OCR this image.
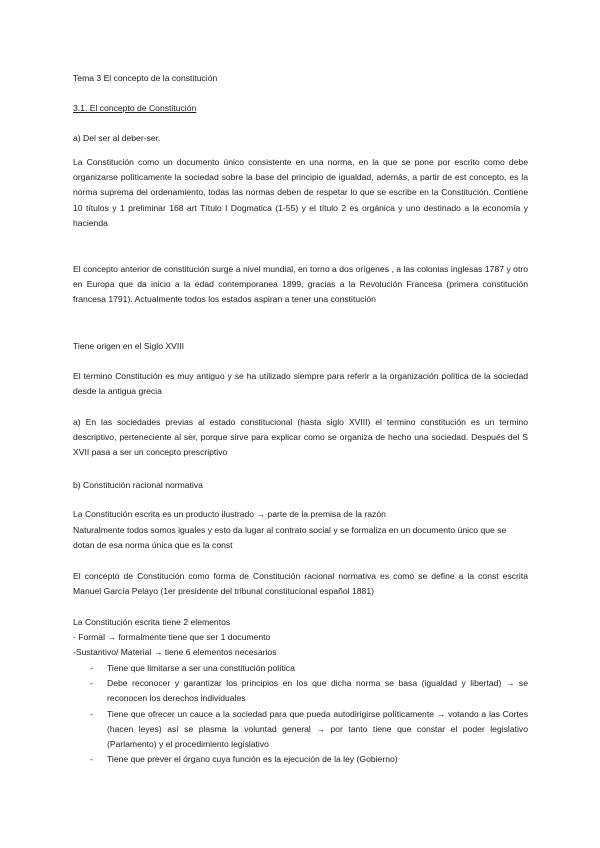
Tema 3 El concepto de la constitución

3.1. El concepto de Constitución

a) Del ser al deber-ser.

La Constitución como un documento único consistente en una norma, en la que se pone por escrito como debe organizarse políticamente la sociedad sobre la base del principio de igualdad, además, a partir de est concepto, es la norma suprema del ordenamiento, todas las normas deben de respetar lo que se escribe en la Constitución. Contiene 10 títulos y 1 preliminar 168 art Título I Dogmatica (1-55) y el título 2 es orgánica y uno destinado a la economía y hacienda

El concepto anterior de constitución surge a nivel mundial, en torno a dos orígenes , a las colonias inglesas 1787 y otro en Europa que da inicio a la edad contemporanea 1899, gracias a la Revolución Francesa (primera constitución francesa 1791). Actualmente todos los estados aspiran a tener una constitución

Tiene origen en el Siglo XVIII

El termino Constitución es muy antiguo y se ha utilizado siempre para referir a la organización política de la sociedad desde la antigua grecia

a) En las sociedades previas al estado constitucional (hasta siglo XVIII) el termino constitución es un termino descriptivo, perteneciente al ser, porque sirve para explicar como se organiza de hecho una sociedad. Después del S XVII pasa a ser un concepto prescriptivo

b) Constitución racional normativa

La Constitución escrita es un producto ilustrado → parte de la premisa de la razón

Naturalmente todos somos iguales y esto da lugar al contrato social y se formaliza en un documento único que se dotan de esa norma única que es la const

El concepto de Constitución como forma de Constitución racional normativa es como se define a la const escrita Manuel García Pelayo (1er presidente del tribunal constitucional español 1881)

La Constitución escrita tiene 2 elementos

- Formal → formalmente tiene que ser 1 documento

-Sustantivo/ Material → tiene 6 elementos necesarios

- Tiene que limitarse a ser una constitución política
- Debe reconocer y garantizar los principios en los que dicha norma se basa (igualdad y libertad) → se reconocen los derechos individuales
- Tiene que ofrecer un cauce a la sociedad para que pueda autodirigirse políticamente → votando a las Cortes (hacen leyes) así se plasma la voluntad general → por tanto tiene que constar el poder legislativo (Parlamento) y el procedimiento legislativo
- Tiene que prever el órgano cuya función es la ejecución de la ley (Gobierno)
